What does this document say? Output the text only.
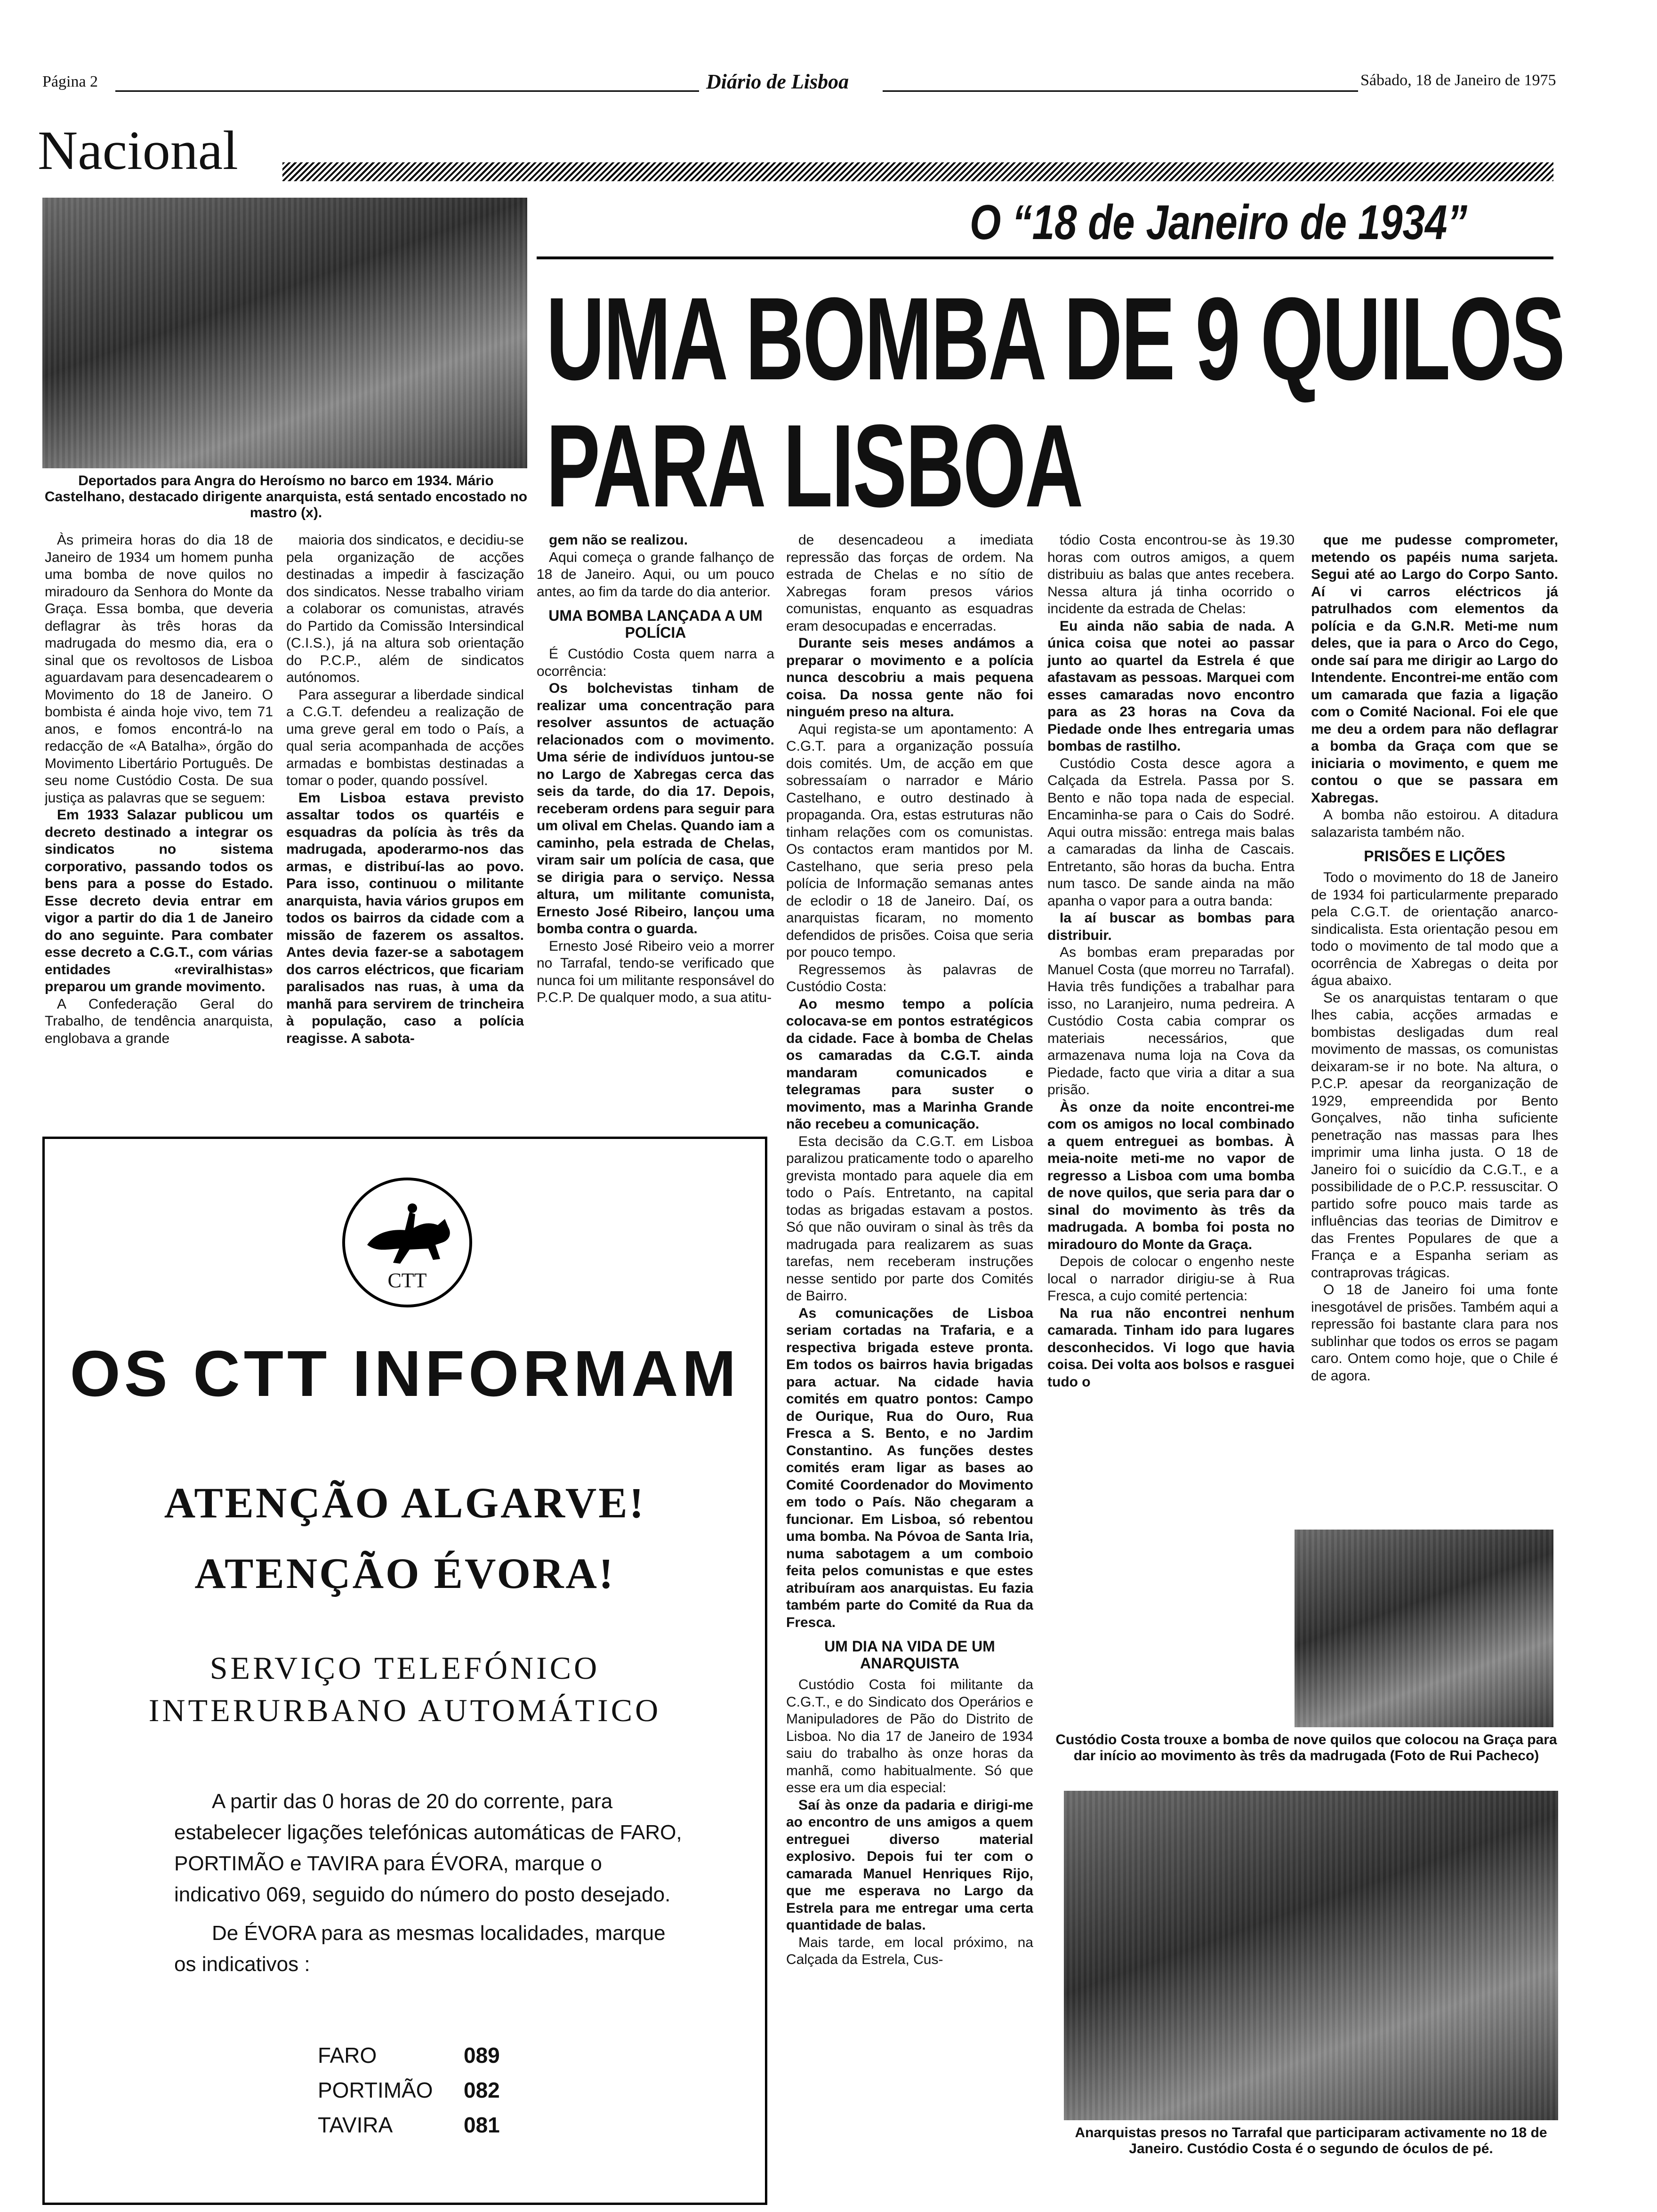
Página 2	Diário de Lisboa	Sábado, 18 de Janeiro de 1975
Nacional
Deportados para Angra do Heroísmo no barco em 1934. Mário Castelhano, destacado dirigente anarquista, está sentado encostado no mastro (x).
O “18 de Janeiro de 1934”
UMA BOMBA DE 9 QUILOS
PARA LISBOA

Às primeira horas do dia 18 de Janeiro de 1934 um homem punha uma bomba de nove quilos no miradouro da Senhora do Monte da Graça. Essa bomba, que deveria deflagrar às três horas da madrugada do mesmo dia, era o sinal que os revoltosos de Lisboa aguardavam para desencadearem o Movimento do 18 de Janeiro. O bombista é ainda hoje vivo, tem 71 anos, e fomos encontrá-lo na redacção de «A Batalha», órgão do Movimento Libertário Português. De seu nome Custódio Costa. De sua justiça as palavras que se seguem:

Em 1933 Salazar publicou um decreto destinado a integrar os sindicatos no sistema corporativo, passando todos os bens para a posse do Estado. Esse decreto devia entrar em vigor a partir do dia 1 de Janeiro do ano seguinte. Para combater esse decreto a C.G.T., com várias entidades «reviralhistas» preparou um grande movimento.

A Confederação Geral do Trabalho, de tendência anarquista, englobava a grande

maioria dos sindicatos, e decidiu-se pela organização de acções destinadas a impedir à fascização dos sindicatos. Nesse trabalho viriam a colaborar os comunistas, através do Partido da Comissão Intersindical (C.I.S.), já na altura sob orientação do P.C.P., além de sindicatos autónomos.

Para assegurar a liberdade sindical a C.G.T. defendeu a realização de uma greve geral em todo o País, a qual seria acompanhada de acções armadas e bombistas destinadas a tomar o poder, quando possível.

Em Lisboa estava previsto assaltar todos os quartéis e esquadras da polícia às três da madrugada, apoderarmo-nos das armas, e distribuí-las ao povo. Para isso, continuou o militante anarquista, havia vários grupos em todos os bairros da cidade com a missão de fazerem os assaltos. Antes devia fazer-se a sabotagem dos carros eléctricos, que ficariam paralisados nas ruas, à uma da manhã para servirem de trincheira à população, caso a polícia reagisse. A sabota-

gem não se realizou.

Aqui começa o grande falhanço de 18 de Janeiro. Aqui, ou um pouco antes, ao fim da tarde do dia anterior.

UMA BOMBA LANÇADA A UM POLÍCIA

É Custódio Costa quem narra a ocorrência:

Os bolchevistas tinham de realizar uma concentração para resolver assuntos de actuação relacionados com o movimento. Uma série de indivíduos juntou-se no Largo de Xabregas cerca das seis da tarde, do dia 17. Depois, receberam ordens para seguir para um olival em Chelas. Quando iam a caminho, pela estrada de Chelas, viram sair um polícia de casa, que se dirigia para o serviço. Nessa altura, um militante comunista, Ernesto José Ribeiro, lançou uma bomba contra o guarda.

Ernesto José Ribeiro veio a morrer no Tarrafal, tendo-se verificado que nunca foi um militante responsável do P.C.P. De qualquer modo, a sua atitu-

de desencadeou a imediata repressão das forças de ordem. Na estrada de Chelas e no sítio de Xabregas foram presos vários comunistas, enquanto as esquadras eram desocupadas e encerradas.

Durante seis meses andámos a preparar o movimento e a polícia nunca descobriu a mais pequena coisa. Da nossa gente não foi ninguém preso na altura.

Aqui regista-se um apontamento: A C.G.T. para a organização possuía dois comités. Um, de acção em que sobressaíam o narrador e Mário Castelhano, e outro destinado à propaganda. Ora, estas estruturas não tinham relações com os comunistas. Os contactos eram mantidos por M. Castelhano, que seria preso pela polícia de Informação semanas antes de eclodir o 18 de Janeiro. Daí, os anarquistas ficaram, no momento defendidos de prisões. Coisa que seria por pouco tempo.

Regressemos às palavras de Custódio Costa:

Ao mesmo tempo a polícia colocava-se em pontos estratégicos da cidade. Face à bomba de Chelas os camaradas da C.G.T. ainda mandaram comunicados e telegramas para suster o movimento, mas a Marinha Grande não recebeu a comunicação.

Esta decisão da C.G.T. em Lisboa paralizou praticamente todo o aparelho grevista montado para aquele dia em todo o País. Entretanto, na capital todas as brigadas estavam a postos. Só que não ouviram o sinal às três da madrugada para realizarem as suas tarefas, nem receberam instruções nesse sentido por parte dos Comités de Bairro.

As comunicações de Lisboa seriam cortadas na Trafaria, e a respectiva brigada esteve pronta. Em todos os bairros havia brigadas para actuar. Na cidade havia comités em quatro pontos: Campo de Ourique, Rua do Ouro, Rua Fresca a S. Bento, e no Jardim Constantino. As funções destes comités eram ligar as bases ao Comité Coordenador do Movimento em todo o País. Não chegaram a funcionar. Em Lisboa, só rebentou uma bomba. Na Póvoa de Santa Iria, numa sabotagem a um comboio feita pelos comunistas e que estes atribuíram aos anarquistas. Eu fazia também parte do Comité da Rua da Fresca.

UM DIA NA VIDA DE UM ANARQUISTA

Custódio Costa foi militante da C.G.T., e do Sindicato dos Operários e Manipuladores de Pão do Distrito de Lisboa. No dia 17 de Janeiro de 1934 saiu do trabalho às onze horas da manhã, como habitualmente. Só que esse era um dia especial:

Saí às onze da padaria e dirigi-me ao encontro de uns amigos a quem entreguei diverso material explosivo. Depois fui ter com o camarada Manuel Henriques Rijo, que me esperava no Largo da Estrela para me entregar uma certa quantidade de balas.

Mais tarde, em local próximo, na Calçada da Estrela, Cus-

tódio Costa encontrou-se às 19.30 horas com outros amigos, a quem distribuiu as balas que antes recebera. Nessa altura já tinha ocorrido o incidente da estrada de Chelas:

Eu ainda não sabia de nada. A única coisa que notei ao passar junto ao quartel da Estrela é que afastavam as pessoas. Marquei com esses camaradas novo encontro para as 23 horas na Cova da Piedade onde lhes entregaria umas bombas de rastilho.

Custódio Costa desce agora a Calçada da Estrela. Passa por S. Bento e não topa nada de especial. Encaminha-se para o Cais do Sodré. Aqui outra missão: entrega mais balas a camaradas da linha de Cascais. Entretanto, são horas da bucha. Entra num tasco. De sande ainda na mão apanha o vapor para a outra banda:

Ia aí buscar as bombas para distribuir.

As bombas eram preparadas por Manuel Costa (que morreu no Tarrafal). Havia três fundições a trabalhar para isso, no Laranjeiro, numa pedreira. A Custódio Costa cabia comprar os materiais necessários, que armazenava numa loja na Cova da Piedade, facto que viria a ditar a sua prisão.

Às onze da noite encontrei-me com os amigos no local combinado a quem entreguei as bombas. À meia-noite meti-me no vapor de regresso a Lisboa com uma bomba de nove quilos, que seria para dar o sinal do movimento às três da madrugada. A bomba foi posta no miradouro do Monte da Graça.

Depois de colocar o engenho neste local o narrador dirigiu-se à Rua Fresca, a cujo comité pertencia:

Na rua não encontrei nenhum camarada. Tinham ido para lugares desconhecidos. Vi logo que havia coisa. Dei volta aos bolsos e rasguei tudo o

que me pudesse comprometer, metendo os papéis numa sarjeta. Segui até ao Largo do Corpo Santo. Aí vi carros eléctricos já patrulhados com elementos da polícia e da G.N.R. Meti-me num deles, que ia para o Arco do Cego, onde saí para me dirigir ao Largo do Intendente. Encontrei-me então com um camarada que fazia a ligação com o Comité Nacional. Foi ele que me deu a ordem para não deflagrar a bomba da Graça com que se iniciaria o movimento, e quem me contou o que se passara em Xabregas.

A bomba não estoirou. A ditadura salazarista também não.

PRISÕES E LIÇÕES

Todo o movimento do 18 de Janeiro de 1934 foi particularmente preparado pela C.G.T. de orientação anarco-sindicalista. Esta orientação pesou em todo o movimento de tal modo que a ocorrência de Xabregas o deita por água abaixo.

Se os anarquistas tentaram o que lhes cabia, acções armadas e bombistas desligadas dum real movimento de massas, os comunistas deixaram-se ir no bote. Na altura, o P.C.P. apesar da reorganização de 1929, empreendida por Bento Gonçalves, não tinha suficiente penetração nas massas para lhes imprimir uma linha justa. O 18 de Janeiro foi o suicídio da C.G.T., e a possibilidade de o P.C.P. ressuscitar. O partido sofre pouco mais tarde as influências das teorias de Dimitrov e das Frentes Populares de que a França e a Espanha seriam as contraprovas trágicas.

O 18 de Janeiro foi uma fonte inesgotável de prisões. Também aqui a repressão foi bastante clara para nos sublinhar que todos os erros se pagam caro. Ontem como hoje, que o Chile é de agora.

Custódio Costa trouxe a bomba de nove quilos que colocou na Graça para dar início ao movimento às três da madrugada (Foto de Rui Pacheco)
Anarquistas presos no Tarrafal que participaram activamente no 18 de Janeiro. Custódio Costa é o segundo de óculos de pé.
CTT
OS CTT INFORMAM
ATENÇÃO ALGARVE!
ATENÇÃO ÉVORA!
SERVIÇO TELEFÓNICO
INTERURBANO AUTOMÁTICO
A partir das 0 horas de 20 do corrente, para estabelecer ligações telefónicas automáticas de FARO, PORTIMÃO e TAVIRA para ÉVORA, marque o indicativo 069, seguido do número do posto desejado.
De ÉVORA para as mesmas localidades, marque os indicativos :
FARO	089
PORTIMÃO	082
TAVIRA	081
